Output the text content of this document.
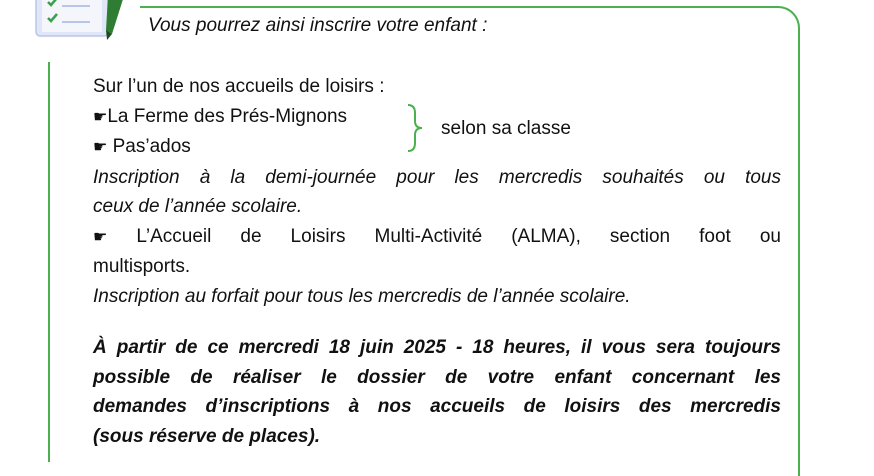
Vous pourrez ainsi inscrire votre enfant :
Sur l’un de nos accueils de loisirs :
☛La Ferme des Prés-Mignons
☛ Pas’ados
selon sa classe
Inscription à la demi-journée pour les mercredis souhaités ou tous
ceux de l’année scolaire.
☛ L’Accueil de Loisirs Multi-Activité (ALMA), section foot ou
multisports.
Inscription au forfait pour tous les mercredis de l’année scolaire.
À partir de ce mercredi 18 juin 2025 - 18 heures, il vous sera toujours
possible de réaliser le dossier de votre enfant concernant les
demandes d’inscriptions à nos accueils de loisirs des mercredis
(sous réserve de places).
